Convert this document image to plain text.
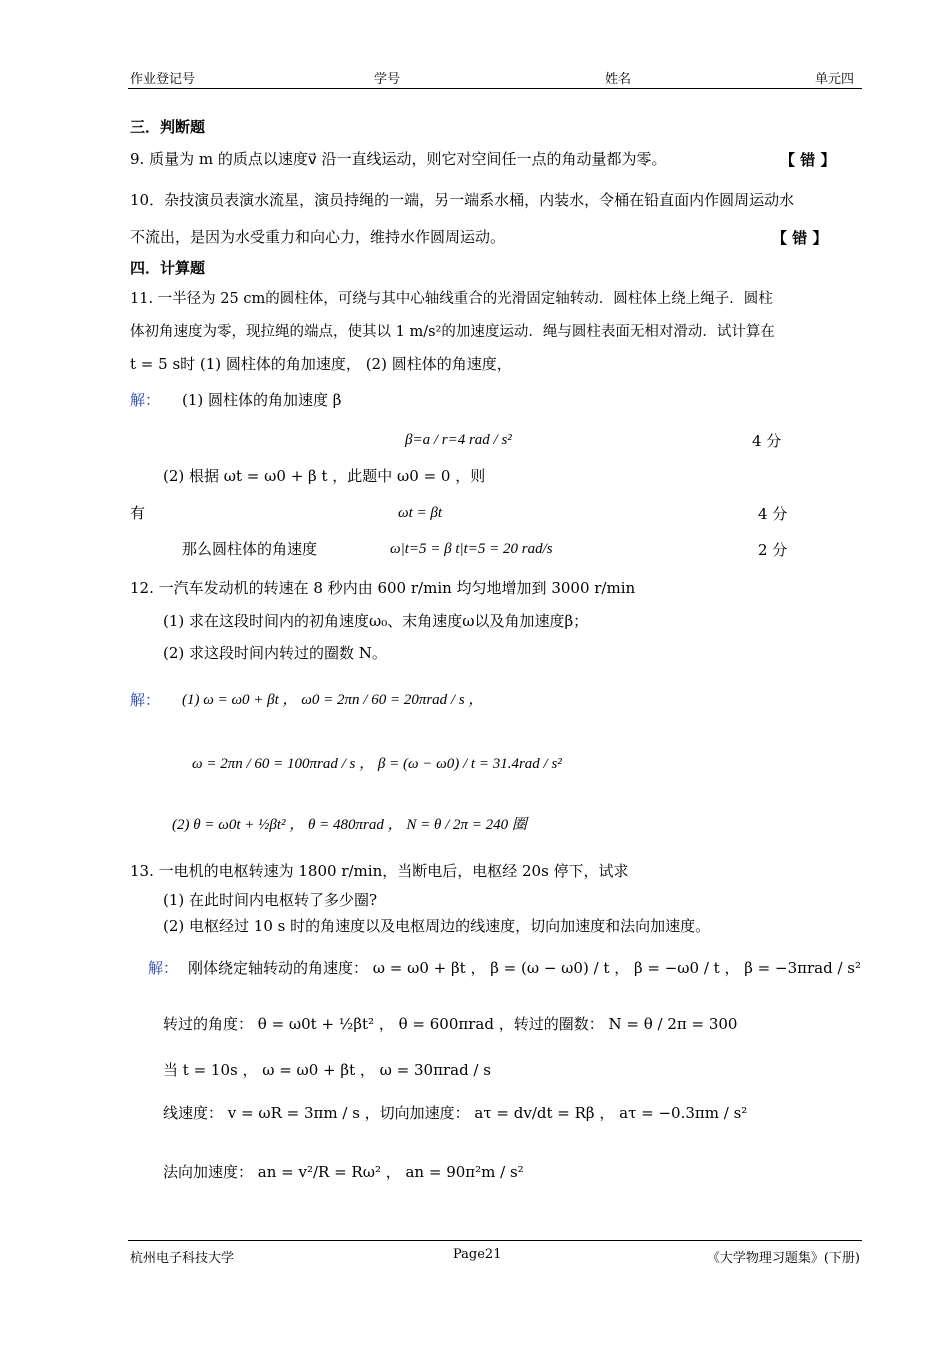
作业登记号	学号	姓名	单元四
三．判断题
9. 质量为 m 的质点以速度v⃗ 沿一直线运动，则它对空间任一点的角动量都为零。	【 错 】
10．杂技演员表演水流星，演员持绳的一端，另一端系水桶，内装水，令桶在铅直面内作圆周运动水
不流出，是因为水受重力和向心力，维持水作圆周运动。	【 错 】
四．计算题
11. 一半径为 25 cm的圆柱体，可绕与其中心轴线重合的光滑固定轴转动．圆柱体上绕上绳子．圆柱
体初角速度为零，现拉绳的端点，使其以 1 m/s²的加速度运动．绳与圆柱表面无相对滑动．试计算在
t = 5 s时 (1) 圆柱体的角加速度， (2) 圆柱体的角速度，
解： (1) 圆柱体的角加速度 β
β=a / r=4 rad / s²	4 分
(2) 根据 ωt = ω0 + β t ，此题中 ω0 = 0 ，则
有	ωt = βt	4 分
那么圆柱体的角速度	ω|t=5 = β t|t=5 = 20 rad/s	2 分
12. 一汽车发动机的转速在 8 秒内由 600 r/min 均匀地增加到 3000 r/min
(1) 求在这段时间内的初角速度ω₀、末角速度ω以及角加速度β；
(2) 求这段时间内转过的圈数 N。
解： (1) ω = ω0 + βt ， ω0 = 2πn / 60 = 20πrad / s ，
ω = 2πn / 60 = 100πrad / s ， β = (ω − ω0) / t = 31.4rad / s²
(2) θ = ω0t + ½βt² ， θ = 480πrad ， N = θ / 2π = 240 圈
13. 一电机的电枢转速为 1800 r/min，当断电后，电枢经 20s 停下，试求
(1) 在此时间内电枢转了多少圈?
(2) 电枢经过 10 s 时的角速度以及电枢周边的线速度，切向加速度和法向加速度。
解： 刚体绕定轴转动的角速度： ω = ω0 + βt ， β = (ω − ω0) / t ， β = −ω0 / t ， β = −3πrad / s²
转过的角度： θ = ω0t + ½βt² ， θ = 600πrad ，转过的圈数： N = θ / 2π = 300
当 t = 10s ， ω = ω0 + βt ， ω = 30πrad / s
线速度： v = ωR = 3πm / s ，切向加速度： aτ = dv/dt = Rβ ， aτ = −0.3πm / s²
法向加速度： an = v²/R = Rω² ， an = 90π²m / s²
杭州电子科技大学	Page21	《大学物理习题集》(下册)
